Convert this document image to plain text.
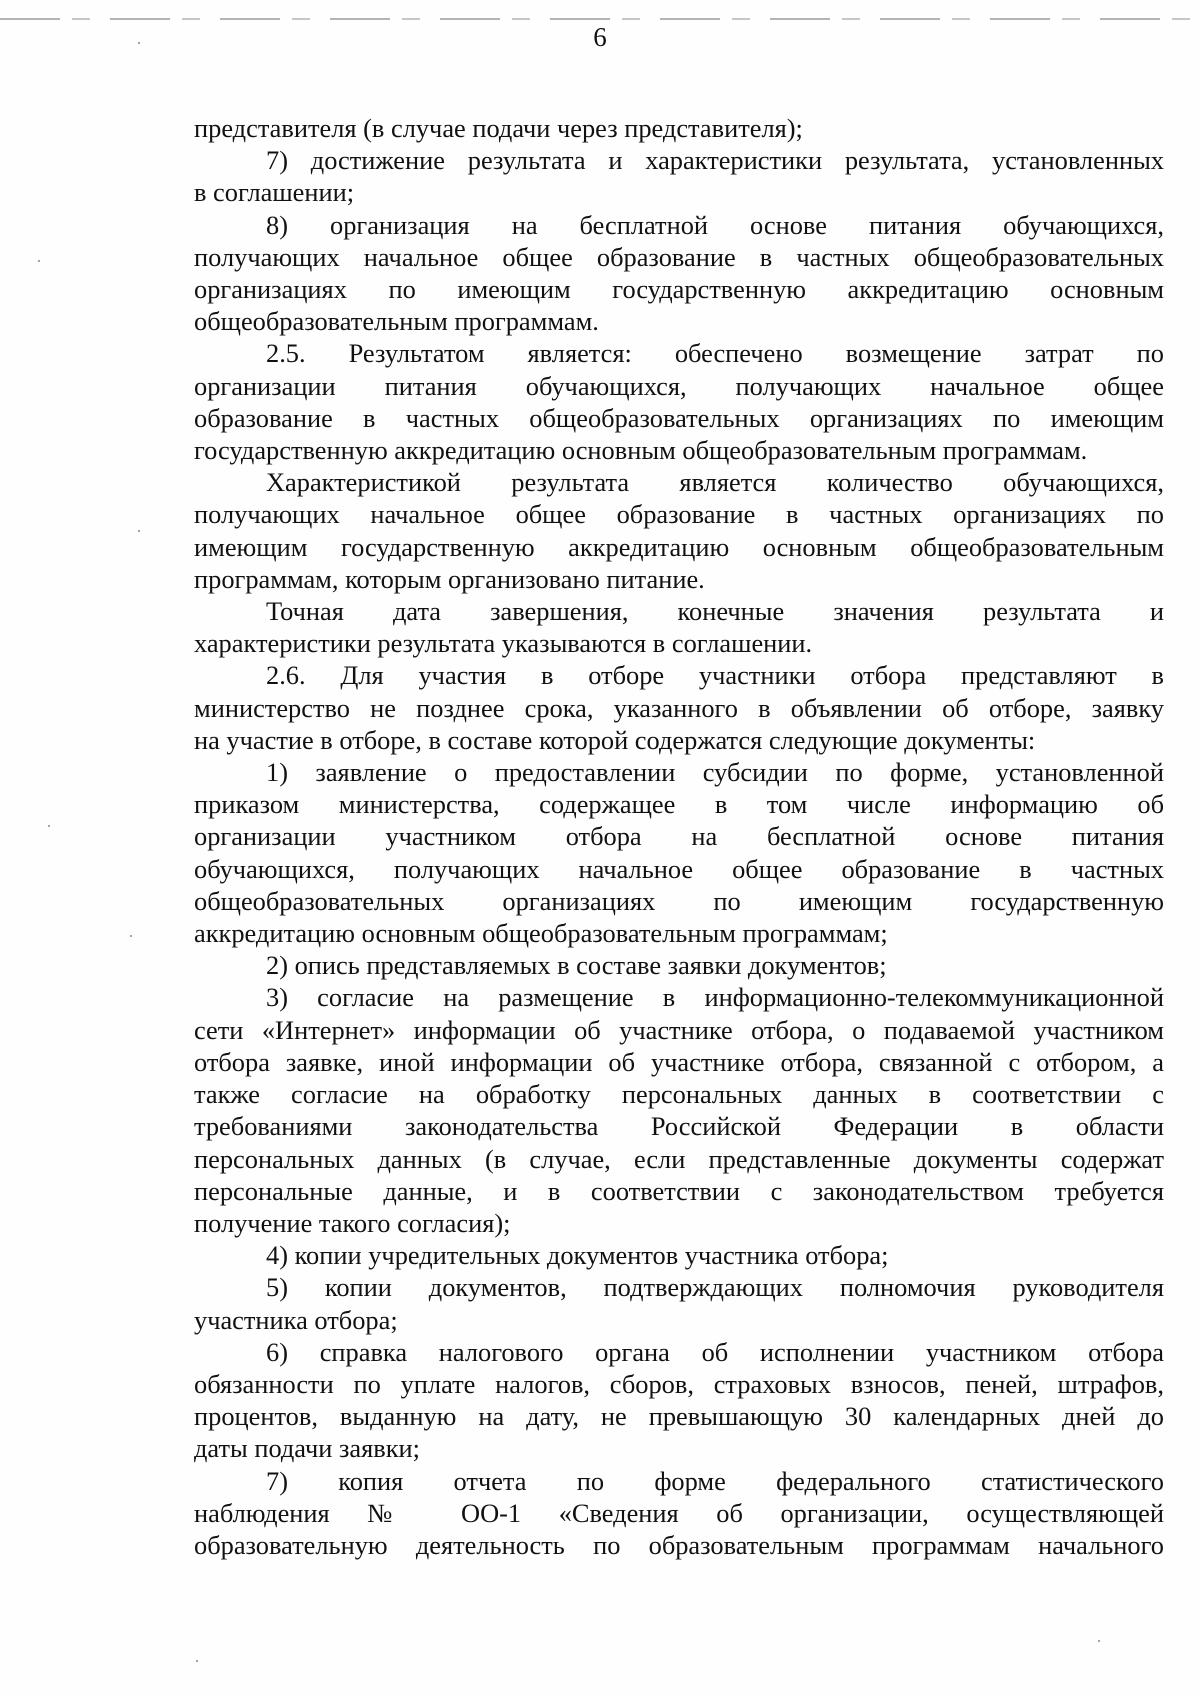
6

представителя (в случае подачи через представителя);

7) достижение результата и характеристики результата, установленных

в соглашении;

8) организация на бесплатной основе питания обучающихся,

получающих начальное общее образование в частных общеобразовательных

организациях по имеющим государственную аккредитацию основным

общеобразовательным программам.

2.5. Результатом является: обеспечено возмещение затрат по

организации питания обучающихся, получающих начальное общее

образование в частных общеобразовательных организациях по имеющим

государственную аккредитацию основным общеобразовательным программам.

Характеристикой результата является количество обучающихся,

получающих начальное общее образование в частных организациях по

имеющим государственную аккредитацию основным общеобразовательным

программам, которым организовано питание.

Точная дата завершения, конечные значения результата и

характеристики результата указываются в соглашении.

2.6. Для участия в отборе участники отбора представляют в

министерство не позднее срока, указанного в объявлении об отборе, заявку

на участие в отборе, в составе которой содержатся следующие документы:

1) заявление о предоставлении субсидии по форме, установленной

приказом министерства, содержащее в том числе информацию об

организации участником отбора на бесплатной основе питания

обучающихся, получающих начальное общее образование в частных

общеобразовательных организациях по имеющим государственную

аккредитацию основным общеобразовательным программам;

2) опись представляемых в составе заявки документов;

3) согласие на размещение в информационно-телекоммуникационной

сети «Интернет» информации об участнике отбора, о подаваемой участником

отбора заявке, иной информации об участнике отбора, связанной с отбором, а

также согласие на обработку персональных данных в соответствии с

требованиями законодательства Российской Федерации в области

персональных данных (в случае, если представленные документы содержат

персональные данные, и в соответствии с законодательством требуется

получение такого согласия);

4) копии учредительных документов участника отбора;

5) копии документов, подтверждающих полномочия руководителя

участника отбора;

6) справка налогового органа об исполнении участником отбора

обязанности по уплате налогов, сборов, страховых взносов, пеней, штрафов,

процентов, выданную на дату, не превышающую 30 календарных дней до

даты подачи заявки;

7) копия отчета по форме федерального статистического

наблюдения № ОО-1 «Сведения об организации, осуществляющей

образовательную деятельность по образовательным программам начального
